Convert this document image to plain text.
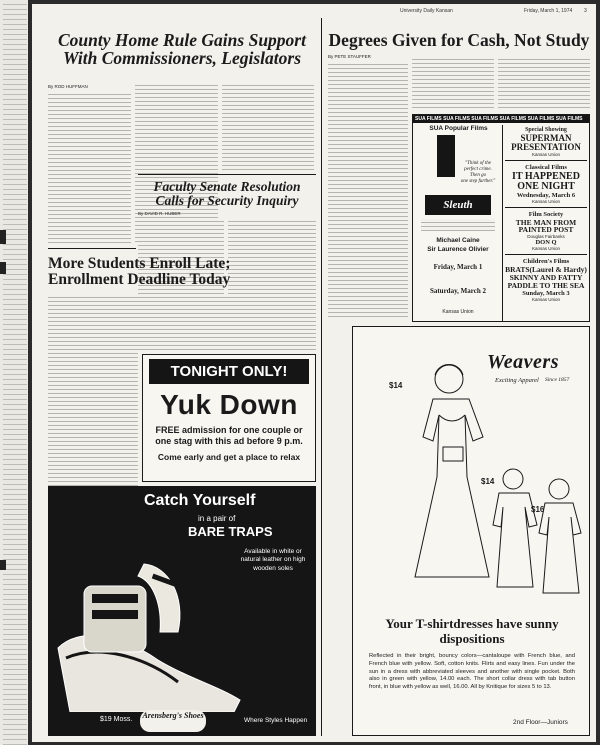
University Daily Kansan	Friday, March 1, 1974 3
County Home Rule Gains Support With Commissioners, Legislators
By ROD HUFFMAN
Faculty Senate Resolution Calls for Security Inquiry
By DAVID R. HUBER
More Students Enroll Late; Enrollment Deadline Today
TONIGHT ONLY!
Yuk Down
FREE admission for one couple or one stag with this ad before 9 p.m.
Come early and get a place to relax
Catch Yourself
in a pair of
BARE TRAPS
Available in white or natural leather on high wooden soles
$19 Moss.	Arensberg's Shoes
Where Styles Happen
Degrees Given for Cash, Not Study
By PETE STAUFFER
SUA FILMS SUA FILMS SUA FILMS SUA FILMS SUA FILMS SUA FILMS
SUA Popular Films
"Think of the
perfect crime.
Then go
one step further."
Sleuth
Michael Caine
Sir Laurence Olivier
Friday, March 1
Saturday, March 2
Kansas Union
Special Showing
SUPERMAN PRESENTATION
Kansas Union
Classical Films
IT HAPPENED ONE NIGHT
Wednesday, March 6
Kansas Union
Film Society
THE MAN FROM PAINTED POST
Douglas Fairbanks
DON Q
Kansas Union
Children's Films
BRATS(Laurel & Hardy) SKINNY AND FATTY PADDLE TO THE SEA
Sunday, March 3
Kansas Union
Weavers
Exciting Apparel Since 1857
$14
$14
$16
Your T-shirtdresses have sunny dispositions
Reflected in their bright, bouncy colors—cantaloupe with French blue, and French blue with yellow. Soft, cotton knits. Flirts and easy lines. Fun under the sun in a dress with abbreviated sleeves and another with single pocket. Both also in green with yellow, 14.00 each. The short collar dress with tab button front, in blue with yellow as well, 16.00. All by Knitique for sizes 5 to 13.
2nd Floor—Juniors
